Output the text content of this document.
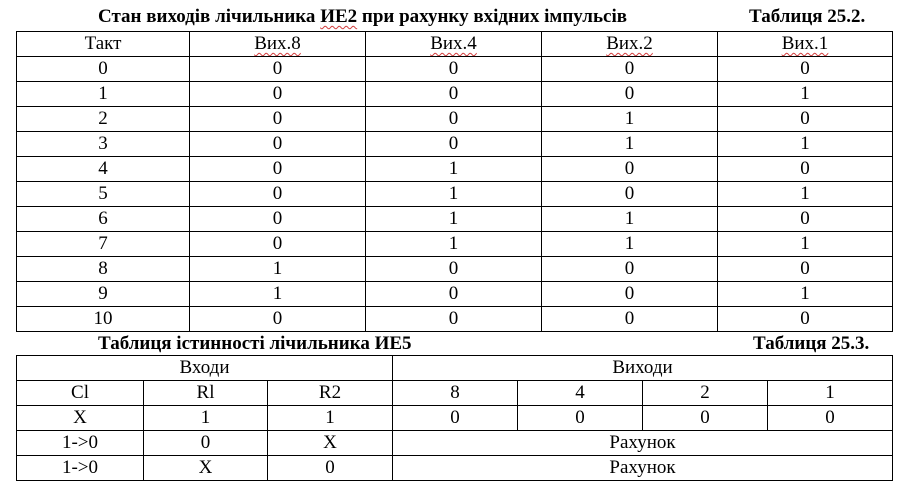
Стан виходів лічильника ИЕ2 при рахунку вхідних імпульсів	Таблиця 25.2.
Такт	Вих.8	Вих.4	Вих.2	Вих.1
0	0	0	0	0
1	0	0	0	1
2	0	0	1	0
3	0	0	1	1
4	0	1	0	0
5	0	1	0	1
6	0	1	1	0
7	0	1	1	1
8	1	0	0	0
9	1	0	0	1
10	0	0	0	0
Таблиця істинності лічильника ИЕ5	Таблиця 25.3.
Входи			Виходи			
Cl	Rl	R2	8	4	2	1
X	1	1	0	0	0	0
1->0	0	X	Рахунок			
1->0	X	0	Рахунок			
